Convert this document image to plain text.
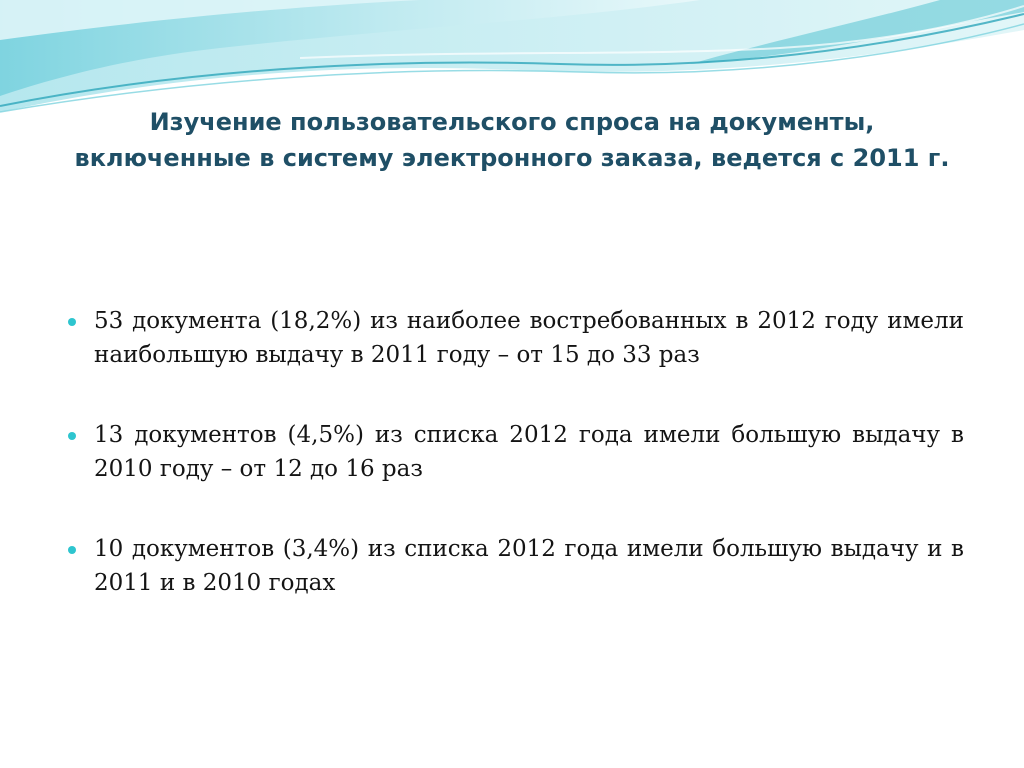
Изучение пользовательского спроса на документы, включенные в систему электронного заказа, ведется с 2011 г.
53 документа (18,2%) из наиболее востребованных в 2012 году имели наибольшую выдачу в 2011 году – от 15 до 33 раз
13 документов (4,5%) из списка 2012 года имели большую выдачу в 2010 году – от 12 до 16 раз
10 документов (3,4%) из списка 2012 года имели большую выдачу и в 2011 и в 2010 годах
